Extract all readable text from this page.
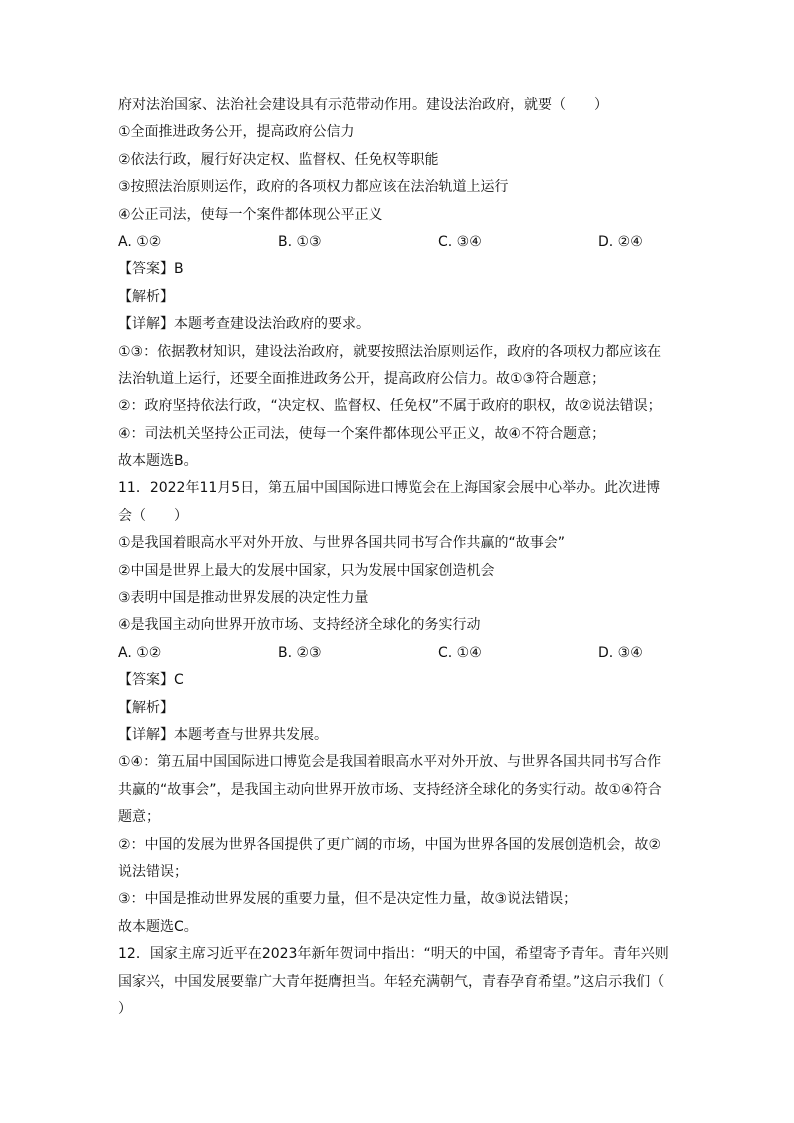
府对法治国家、法治社会建设具有示范带动作用。建设法治政府，就要（　　）
①全面推进政务公开，提高政府公信力
②依法行政，履行好决定权、监督权、任免权等职能
③按照法治原则运作，政府的各项权力都应该在法治轨道上运行
④公正司法，使每一个案件都体现公平正义
A. ①②	B. ①③	C. ③④	D. ②④
【答案】B
【解析】
【详解】本题考查建设法治政府的要求。
①③：依据教材知识，建设法治政府，就要按照法治原则运作，政府的各项权力都应该在
法治轨道上运行，还要全面推进政务公开，提高政府公信力。故①③符合题意；
②：政府坚持依法行政，“决定权、监督权、任免权”不属于政府的职权，故②说法错误；
④：司法机关坚持公正司法，使每一个案件都体现公平正义，故④不符合题意；
故本题选B。
11．2022年11月5日，第五届中国国际进口博览会在上海国家会展中心举办。此次进博
会（　　）
①是我国着眼高水平对外开放、与世界各国共同书写合作共赢的“故事会”
②中国是世界上最大的发展中国家，只为发展中国家创造机会
③表明中国是推动世界发展的决定性力量
④是我国主动向世界开放市场、支持经济全球化的务实行动
A. ①②	B. ②③	C. ①④	D. ③④
【答案】C
【解析】
【详解】本题考查与世界共发展。
①④：第五届中国国际进口博览会是我国着眼高水平对外开放、与世界各国共同书写合作
共赢的“故事会”，是我国主动向世界开放市场、支持经济全球化的务实行动。故①④符合
题意；
②：中国的发展为世界各国提供了更广阔的市场，中国为世界各国的发展创造机会，故②
说法错误；
③：中国是推动世界发展的重要力量，但不是决定性力量，故③说法错误；
故本题选C。
12．国家主席习近平在2023年新年贺词中指出：“明天的中国，希望寄予青年。青年兴则
国家兴，中国发展要靠广大青年挺膺担当。年轻充满朝气，青春孕育希望。”这启示我们（
）
